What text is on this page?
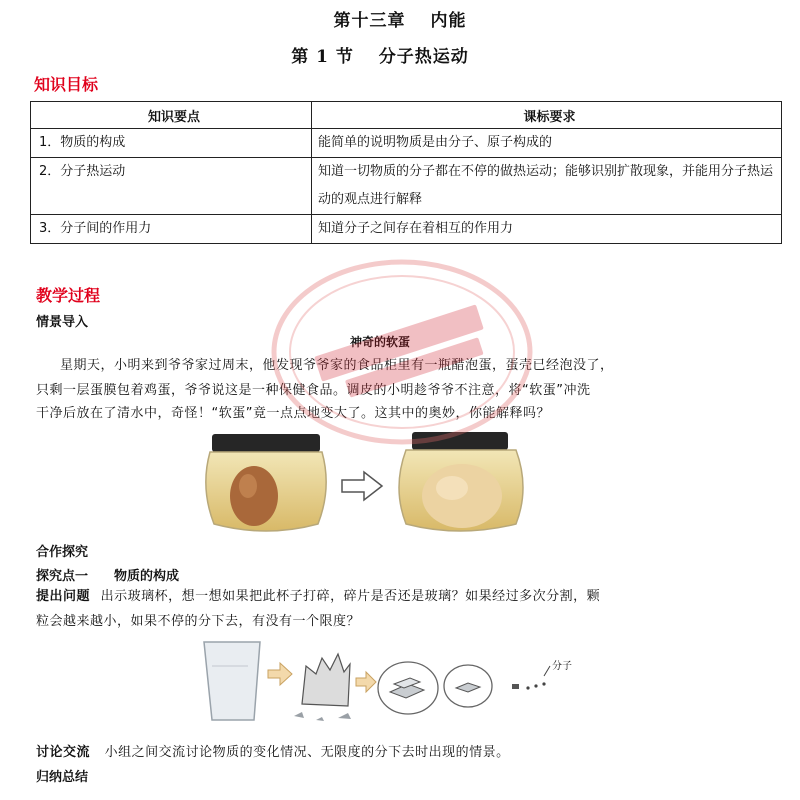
第十三章　 内能
第 1 节　 分子热运动
知识目标
知识要点	课标要求
1．物质的构成	能简单的说明物质是由分子、原子构成的
2．分子热运动	知道一切物质的分子都在不停的做热运动；能够识别扩散现象，并能用分子热运动的观点进行解释
3．分子间的作用力	知道分子之间存在着相互的作用力
教学过程
情景导入
神奇的软蛋
星期天，小明来到爷爷家过周末，他发现爷爷家的食品柜里有一瓶醋泡蛋，蛋壳已经泡没了，
只剩一层蛋膜包着鸡蛋，爷爷说这是一种保健食品。调皮的小明趁爷爷不注意，将“软蛋”冲洗
干净后放在了清水中，奇怪！“软蛋”竟一点点地变大了。这其中的奥妙，你能解释吗？
合作探究
探究点一　　物质的构成
提出问题 出示玻璃杯，想一想如果把此杯子打碎，碎片是否还是玻璃？如果经过多次分割，颗
粒会越来越小，如果不停的分下去，有没有一个限度？
分子
讨论交流 小组之间交流讨论物质的变化情况、无限度的分下去时出现的情景。
归纳总结
